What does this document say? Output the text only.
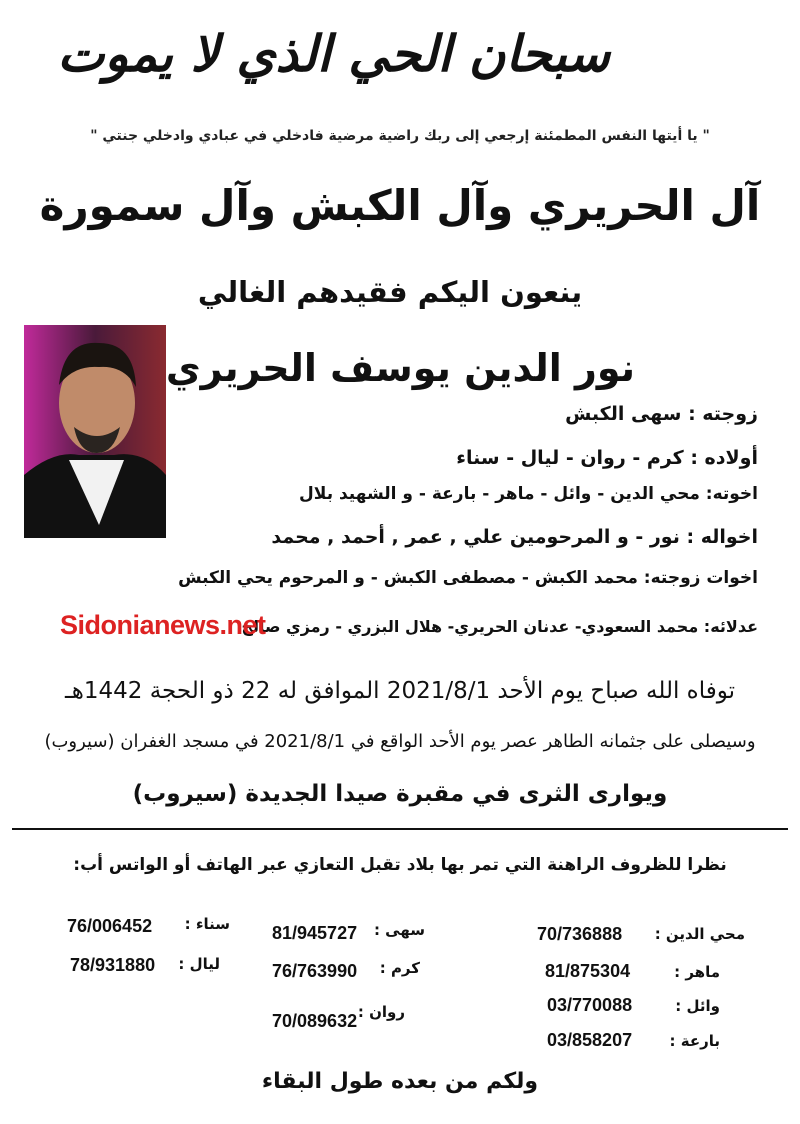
سبحان الحي الذي لا يموت
" يا أيتها النفس المطمئنة إرجعي إلى ربك راضية مرضية فادخلي في عبادي وادخلي جنتي "
آل الحريري وآل الكبش وآل سمورة
ينعون اليكم فقيدهم الغالي
نور الدين يوسف الحريري
زوجته : سهى الكبش
أولاده : كرم - روان - ليال - سناء
اخوته: محي الدين - وائل - ماهر - بارعة - و الشهيد بلال
اخواله : نور - و المرحومين علي , عمر , أحمد , محمد
اخوات زوجته: محمد الكبش - مصطفى الكبش - و المرحوم يحي الكبش
عدلائه: محمد السعودي- عدنان الحريري- هلال البزري - رمزي صالح
Sidonianews.net
توفاه الله صباح يوم الأحد 2021/8/1 الموافق له 22 ذو الحجة 1442هـ
وسيصلى على جثمانه الطاهر عصر يوم الأحد الواقع في 2021/8/1 في مسجد الغفران (سيروب)
ويوارى الثرى في مقبرة صيدا الجديدة (سيروب)
نظرا للظروف الراهنة التي تمر بها بلاد تقبل التعازي عبر الهاتف أو الواتس أب:
محي الدين :
70/736888
ماهر :
81/875304
وائل :
03/770088
بارعة :
03/858207
سهى :
81/945727
كرم :
76/763990
روان :
70/089632
سناء :
76/006452
ليال :
78/931880
ولكم من بعده طول البقاء
